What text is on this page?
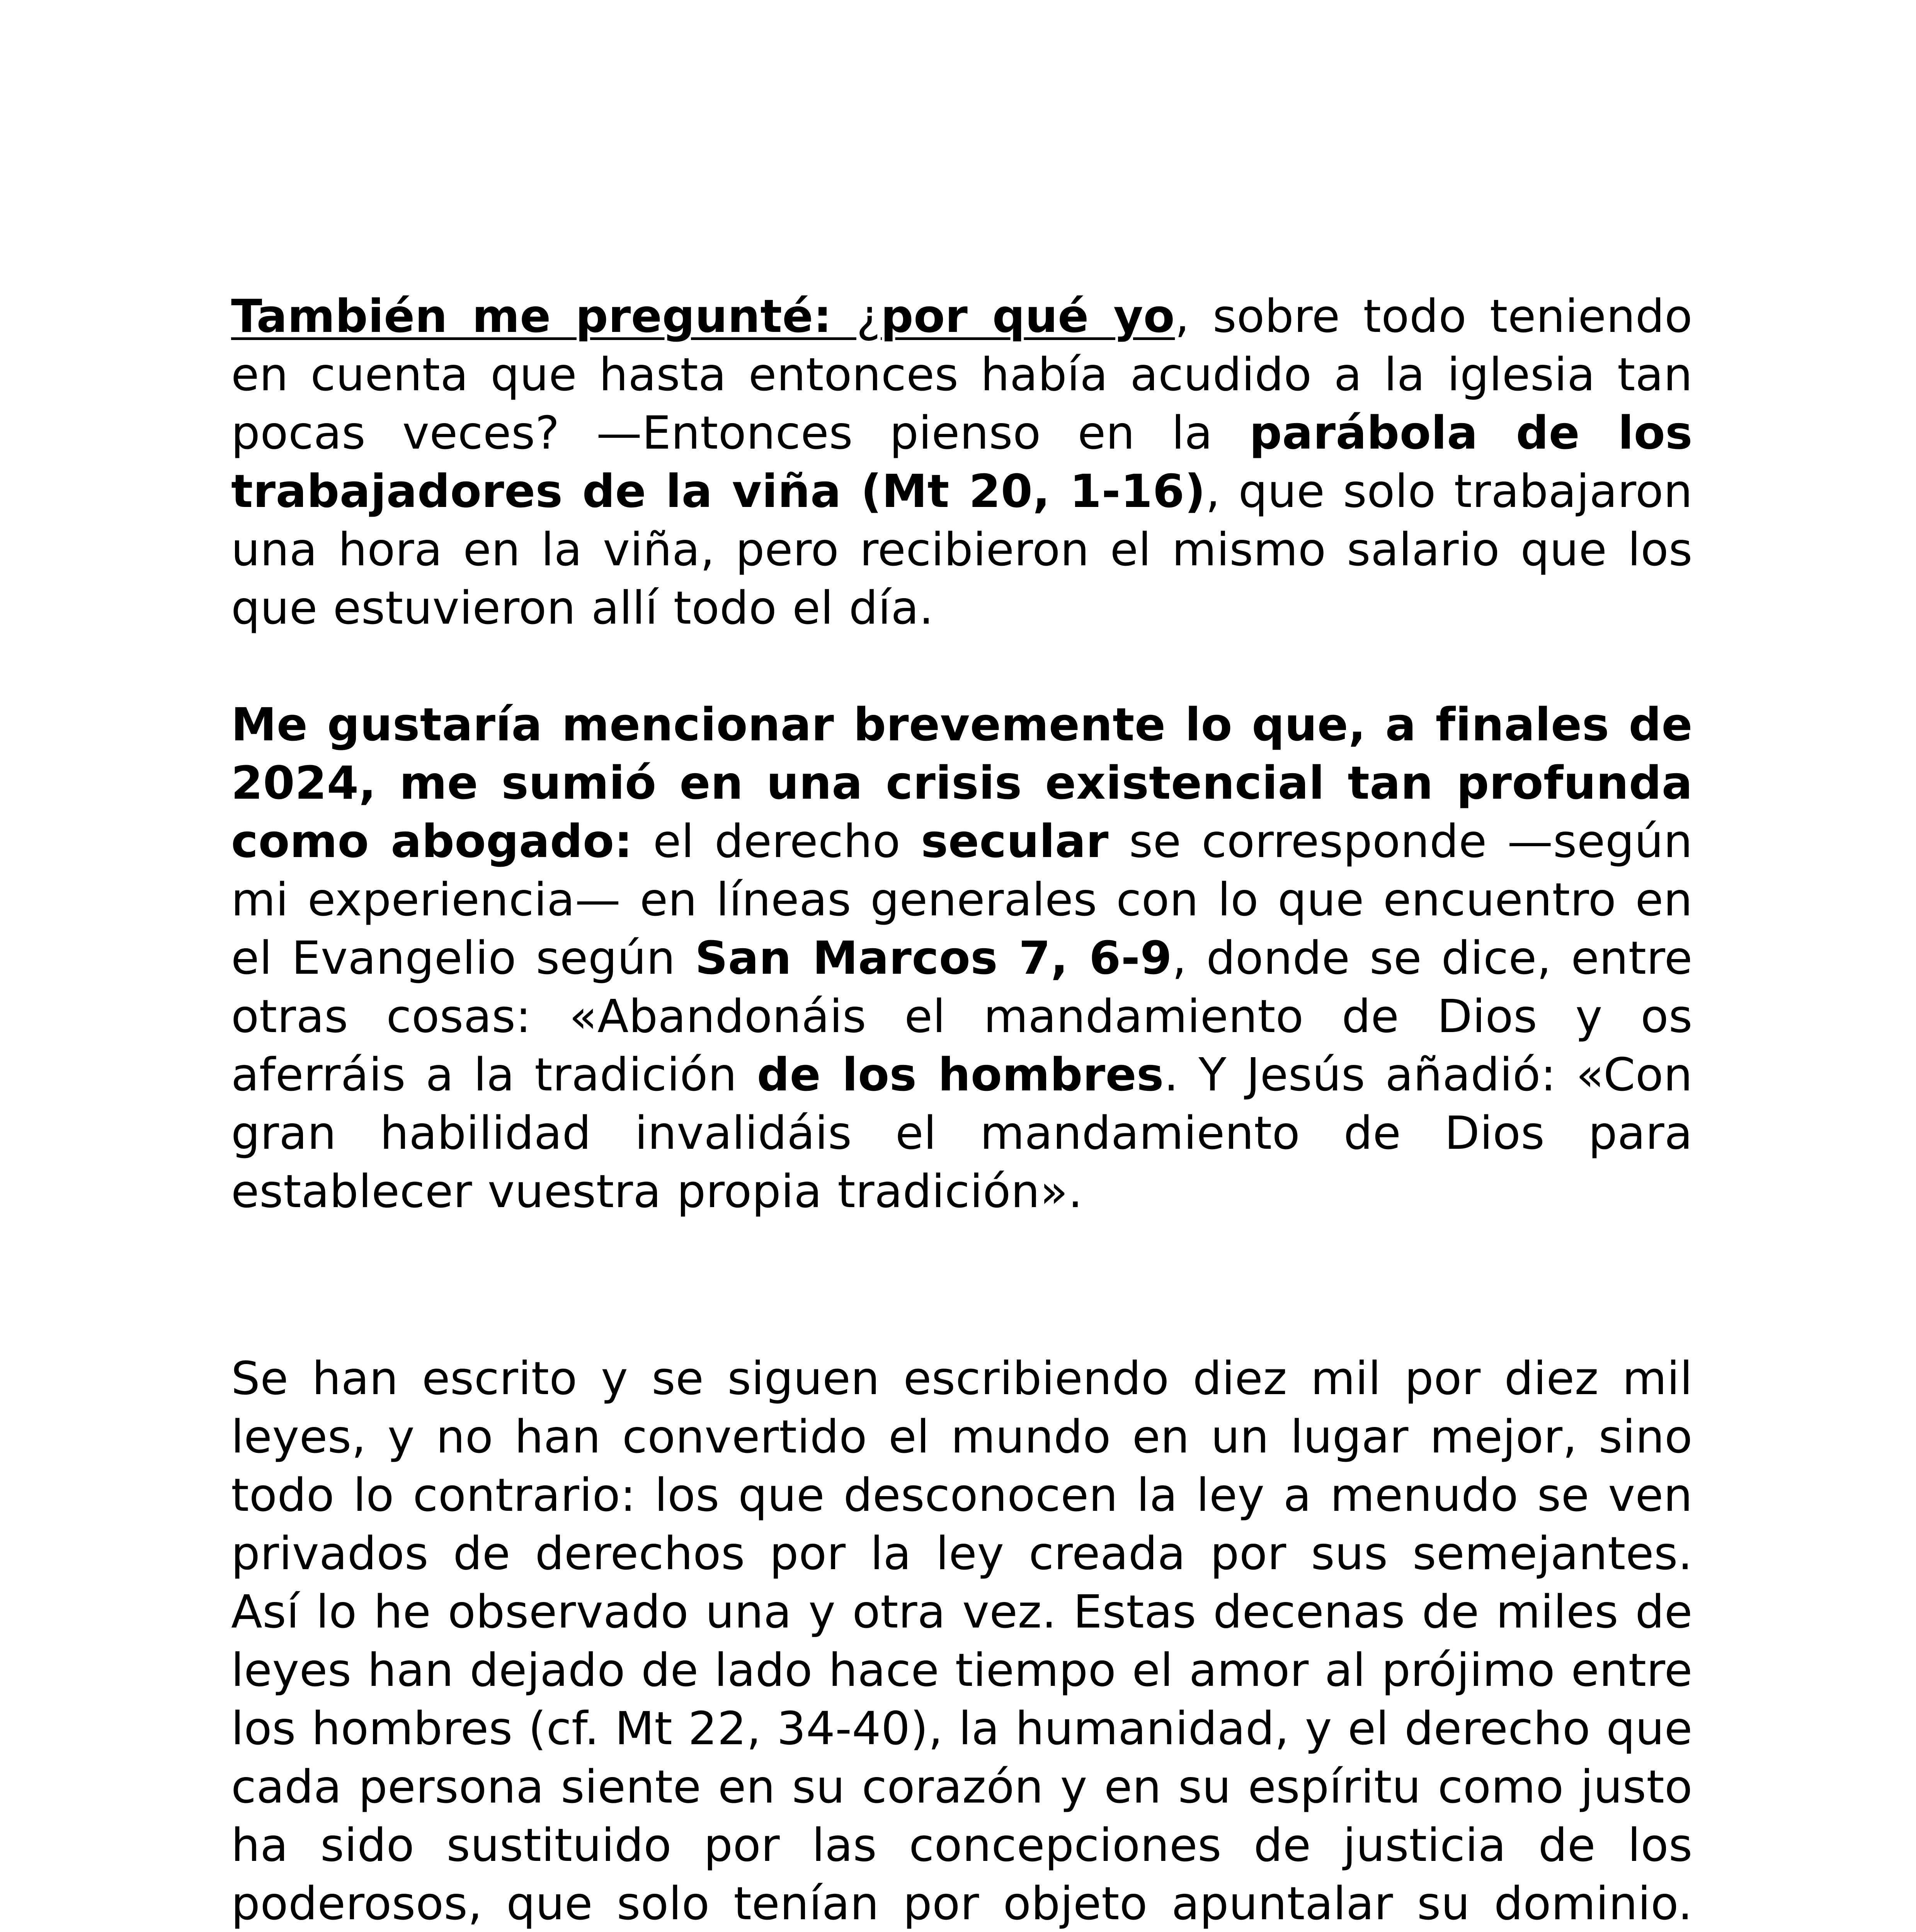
También me pregunté: ¿por qué yo, sobre todo teniendo en cuenta que hasta entonces había acudido a la iglesia tan pocas veces? —Entonces pienso en la parábola de los trabajadores de la viña (Mt 20, 1-16), que solo trabajaron una hora en la viña, pero recibieron el mismo salario que los que estuvieron allí todo el día.

Me gustaría mencionar brevemente lo que, a finales de 2024, me sumió en una crisis existencial tan profunda como abogado: el derecho secular se corresponde —según mi experiencia— en líneas generales con lo que encuentro en el Evangelio según San Marcos 7, 6-9, donde se dice, entre otras cosas: «Abandonáis el mandamiento de Dios y os aferráis a la tradición de los hombres. Y Jesús añadió: «Con gran habilidad invalidáis el mandamiento de Dios para establecer vuestra propia tradición».

Se han escrito y se siguen escribiendo diez mil por diez mil leyes, y no han convertido el mundo en un lugar mejor, sino todo lo contrario: los que desconocen la ley a menudo se ven privados de derechos por la ley creada por sus semejantes. Así lo he observado una y otra vez. Estas decenas de miles de leyes han dejado de lado hace tiempo el amor al prójimo entre los hombres (cf. Mt 22, 34-40), la humanidad, y el derecho que cada persona siente en su corazón y en su espíritu como justo ha sido sustituido por las concepciones de justicia de los poderosos, que solo tenían por objeto apuntalar su dominio.
